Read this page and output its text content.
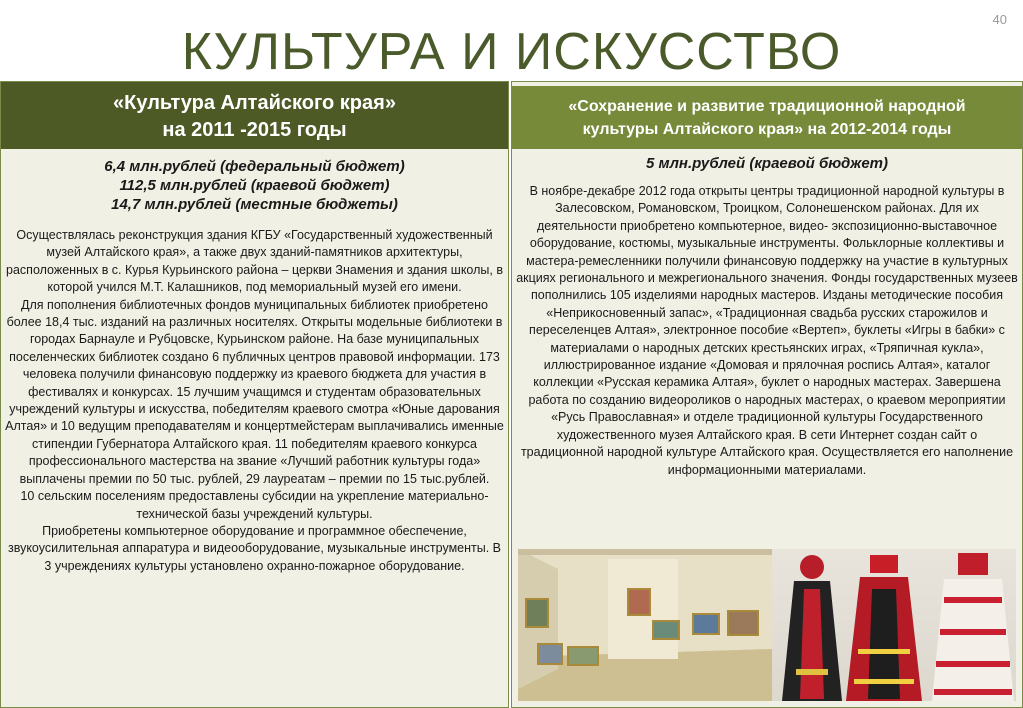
40
КУЛЬТУРА И ИСКУССТВО
«Культура Алтайского края»
на 2011 -2015 годы
6,4 млн.рублей (федеральный бюджет)
112,5 млн.рублей (краевой бюджет)
14,7 млн.рублей (местные бюджеты)
Осуществлялась реконструкция здания КГБУ «Государственный художественный музей Алтайского края», а также двух зданий-памятников архитектуры, расположенных в с. Курья Курьинского района – церкви Знамения и здания школы, в которой учился М.Т. Калашников, под мемориальный музей его имени.
Для пополнения библиотечных фондов муниципальных библиотек приобретено более 18,4 тыс. изданий на различных носителях. Открыты модельные библиотеки в городах Барнауле и Рубцовске, Курьинском районе. На базе муниципальных поселенческих библиотек создано 6 публичных центров правовой информации. 173 человека получили финансовую поддержку из краевого бюджета для участия в фестивалях и конкурсах. 15 лучшим учащимся и студентам образовательных учреждений культуры и искусства, победителям краевого смотра «Юные дарования Алтая» и 10 ведущим преподавателям и концертмейстерам выплачивались именные стипендии Губернатора Алтайского края. 11 победителям краевого конкурса профессионального мастерства на звание «Лучший работник культуры года» выплачены премии по 50 тыс. рублей, 29 лауреатам – премии по 15 тыс.рублей.
10 сельским поселениям предоставлены субсидии на укрепление материально-технической базы учреждений культуры.
Приобретены компьютерное оборудование и программное обеспечение, звукоусилительная аппаратура и видеооборудование, музыкальные инструменты. В 3 учреждениях культуры установлено охранно-пожарное оборудование.
«Сохранение и развитие традиционной народной
культуры Алтайского края» на 2012-2014 годы
5 млн.рублей (краевой бюджет)
В ноябре-декабре 2012 года открыты центры традиционной народной культуры в Залесовском, Романовском, Троицком, Солонешенском районах. Для их деятельности приобретено компьютерное, видео- экспозиционно-выставочное оборудование, костюмы, музыкальные инструменты. Фольклорные коллективы и мастера-ремесленники получили финансовую поддержку на участие в культурных акциях регионального и межрегионального значения. Фонды государственных музеев пополнились 105 изделиями народных мастеров. Изданы методические пособия «Неприкосновенный запас», «Традиционная свадьба русских старожилов и переселенцев Алтая», электронное пособие «Вертеп», буклеты «Игры в бабки» с материалами о народных детских крестьянских играх, «Тряпичная кукла», иллюстрированное издание «Домовая и прялочная роспись Алтая», каталог коллекции «Русская керамика Алтая», буклет о народных мастерах. Завершена работа по созданию видеороликов о народных мастерах, о краевом мероприятии «Русь Православная» и отделе традиционной культуры Государственного художественного музея Алтайского края. В сети Интернет создан сайт о традиционной народной культуре Алтайского края. Осуществляется его наполнение информационными материалами.
